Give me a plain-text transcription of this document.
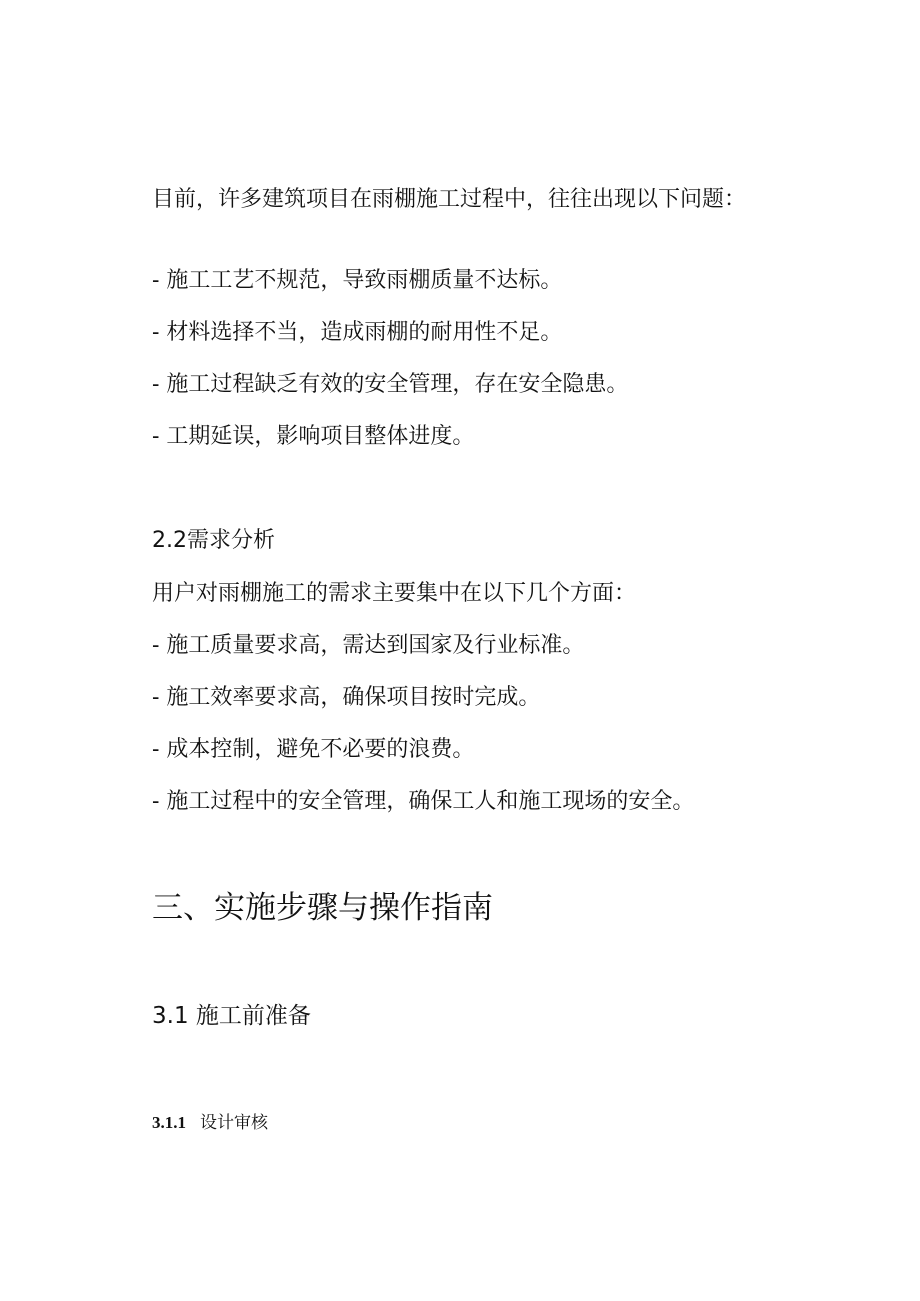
目前，许多建筑项目在雨棚施工过程中，往往出现以下问题：
- 施工工艺不规范，导致雨棚质量不达标。
- 材料选择不当，造成雨棚的耐用性不足。
- 施工过程缺乏有效的安全管理，存在安全隐患。
- 工期延误，影响项目整体进度。
2.2需求分析
用户对雨棚施工的需求主要集中在以下几个方面：
- 施工质量要求高，需达到国家及行业标准。
- 施工效率要求高，确保项目按时完成。
- 成本控制，避免不必要的浪费。
- 施工过程中的安全管理，确保工人和施工现场的安全。
三、实施步骤与操作指南
3.1 施工前准备
3.1.1 设计审核
